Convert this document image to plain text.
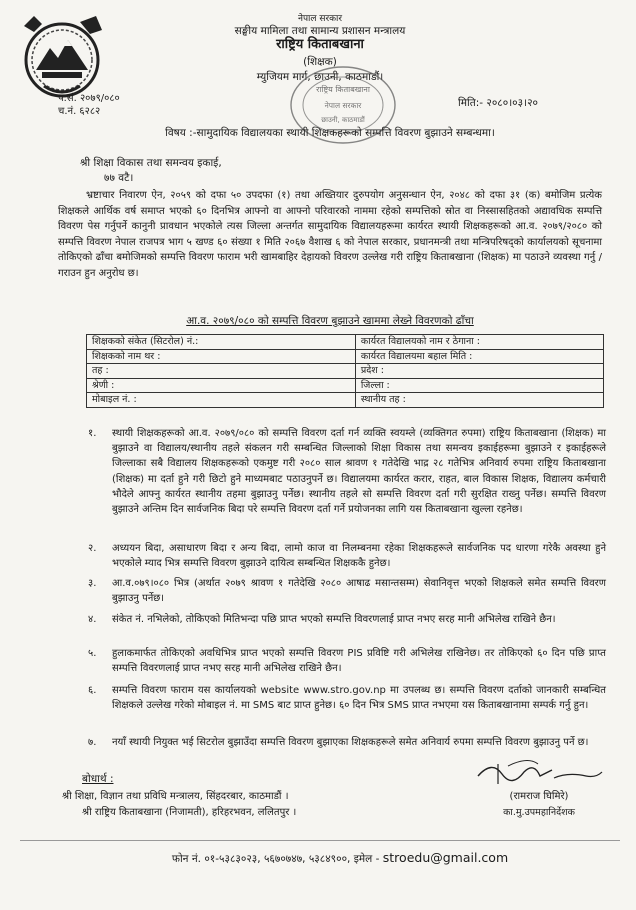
नेपाल सरकार
सङ्घीय मामिला तथा सामान्य प्रशासन मन्त्रालय
राष्ट्रिय किताबखाना
(शिक्षक)
म्युजियम मार्ग, छाउनी, काठमाडौं।
राष्ट्रिय किताबखाना
नेपाल सरकार
छाउनी, काठमाडौं
प.सं. २०७९/०८०
च.नं. ६२८२
मिति:- २०८०।०३।२०
विषय :-सामुदायिक विद्यालयका स्थायी शिक्षकहरूको सम्पत्ति विवरण बुझाउने सम्बन्धमा।
श्री शिक्षा विकास तथा समन्वय इकाई,
७७ वटै।
भ्रष्टाचार निवारण ऐन, २०५९ को दफा ५० उपदफा (१) तथा अख्तियार दुरुपयोग अनुसन्धान ऐन, २०४८ को दफा ३१ (क) बमोजिम प्रत्येक शिक्षकले आर्थिक वर्ष समाप्त भएको ६० दिनभित्र आफ्नो वा आफ्नो परिवारको नाममा रहेको सम्पत्तिको स्रोत वा निस्सासहितको अद्यावधिक सम्पत्ति विवरण पेस गर्नुपर्ने कानुनी प्रावधान भएकोले त्यस जिल्ला अन्तर्गत सामुदायिक विद्यालयहरूमा कार्यरत स्थायी शिक्षकहरूको आ.व. २०७९/२०८० को सम्पत्ति विवरण नेपाल राजपत्र भाग ५ खण्ड ६० संख्या १ मिति २०६७ वैशाख ६ को नेपाल सरकार, प्रधानमन्त्री तथा मन्त्रिपरिषद्को कार्यालयको सूचनामा तोकिएको ढाँचा बमोजिमको सम्पत्ति विवरण फाराम भरी खामबाहिर देहायको विवरण उल्लेख गरी राष्ट्रिय किताबखाना (शिक्षक) मा पठाउने व्यवस्था गर्नु /गराउन हुन अनुरोध छ।
आ.व. २०७९/०८० को सम्पत्ति विवरण बुझाउने खाममा लेख्ने विवरणको ढाँचा
शिक्षकको संकेत (सिटरोल) नं.:	कार्यरत विद्यालयको नाम र ठेगाना :
शिक्षकको नाम थर :	कार्यरत विद्यालयमा बहाल मिति :
तह :	प्रदेश :
श्रेणी :	जिल्ला :
मोबाइल नं. :	स्थानीय तह :
१. स्थायी शिक्षकहरूको आ.व. २०७९/०८० को सम्पत्ति विवरण दर्ता गर्न व्यक्ति स्वयम्ले (व्यक्तिगत रुपमा) राष्ट्रिय किताबखाना (शिक्षक) मा बुझाउने वा विद्यालय/स्थानीय तहले संकलन गरी सम्बन्धित जिल्लाको शिक्षा विकास तथा समन्वय इकाईहरूमा बुझाउने र इकाईहरूले जिल्लाका सबै विद्यालय शिक्षकहरूको एकमुष्ट गरी २०८० साल श्रावण १ गतेदेखि भाद्र २८ गतेभित्र अनिवार्य रुपमा राष्ट्रिय किताबखाना (शिक्षक) मा दर्ता हुने गरी छिटो हुने माध्यमबाट पठाउनुपर्ने छ। विद्यालयमा कार्यरत करार, राहत, बाल विकास शिक्षक, विद्यालय कर्मचारी भौदेले आफ्नु कार्यरत स्थानीय तहमा बुझाउनु पर्नेछ। स्थानीय तहले सो सम्पत्ति विवरण दर्ता गरी सुरक्षित राख्नु पर्नेछ। सम्पत्ति विवरण बुझाउने अन्तिम दिन सार्वजनिक बिदा परे सम्पत्ति विवरण दर्ता गर्ने प्रयोजनका लागि यस किताबखाना खुल्ला रहनेछ।
२. अध्ययन बिदा, असाधारण बिदा र अन्य बिदा, लामो काज वा निलम्बनमा रहेका शिक्षकहरूले सार्वजनिक पद धारणा गरेकै अवस्था हुने भएकोले म्याद भित्र सम्पत्ति विवरण बुझाउने दायित्व सम्बन्धित शिक्षककै हुनेछ।
३. आ.व.०७९।०८० भित्र (अर्थात २०७९ श्रावण १ गतेदेखि २०८० आषाढ मसान्तसम्म) सेवानिवृत्त भएको शिक्षकले समेत सम्पत्ति विवरण बुझाउनु पर्नेछ।
४. संकेत नं. नभिलेको, तोकिएको मितिभन्दा पछि प्राप्त भएको सम्पत्ति विवरणलाई प्राप्त नभए सरह मानी अभिलेख राखिने छैन।
५. हुलाकमार्फत तोकिएको अवधिभित्र प्राप्त भएको सम्पत्ति विवरण PIS प्रविष्टि गरी अभिलेख राखिनेछ। तर तोकिएको ६० दिन पछि प्राप्त सम्पत्ति विवरणलाई प्राप्त नभए सरह मानी अभिलेख राखिने छैन।
६. सम्पत्ति विवरण फाराम यस कार्यालयको website www.stro.gov.np मा उपलब्ध छ। सम्पत्ति विवरण दर्ताको जानकारी सम्बन्धित शिक्षकले उल्लेख गरेको मोबाइल नं. मा SMS बाट प्राप्त हुनेछ। ६० दिन भित्र SMS प्राप्त नभएमा यस किताबखानामा सम्पर्क गर्नु हुन।
७. नयाँ स्थायी नियुक्त भई सिटरोल बुझाउँदा सम्पत्ति विवरण बुझाएका शिक्षकहरूले समेत अनिवार्य रुपमा सम्पत्ति विवरण बुझाउनु पर्ने छ।
बोधार्थ :
श्री शिक्षा, विज्ञान तथा प्रविधि मन्त्रालय, सिंहदरबार, काठमाडौं ।
श्री राष्ट्रिय किताबखाना (निजामती), हरिहरभवन, ललितपुर ।
(रामराज घिमिरे)
का.मु.उपमहानिर्देशक
फोन नं. ०१-५३८३०२३, ५६७०७४७, ५३८४९००, इमेल - stroedu@gmail.com
